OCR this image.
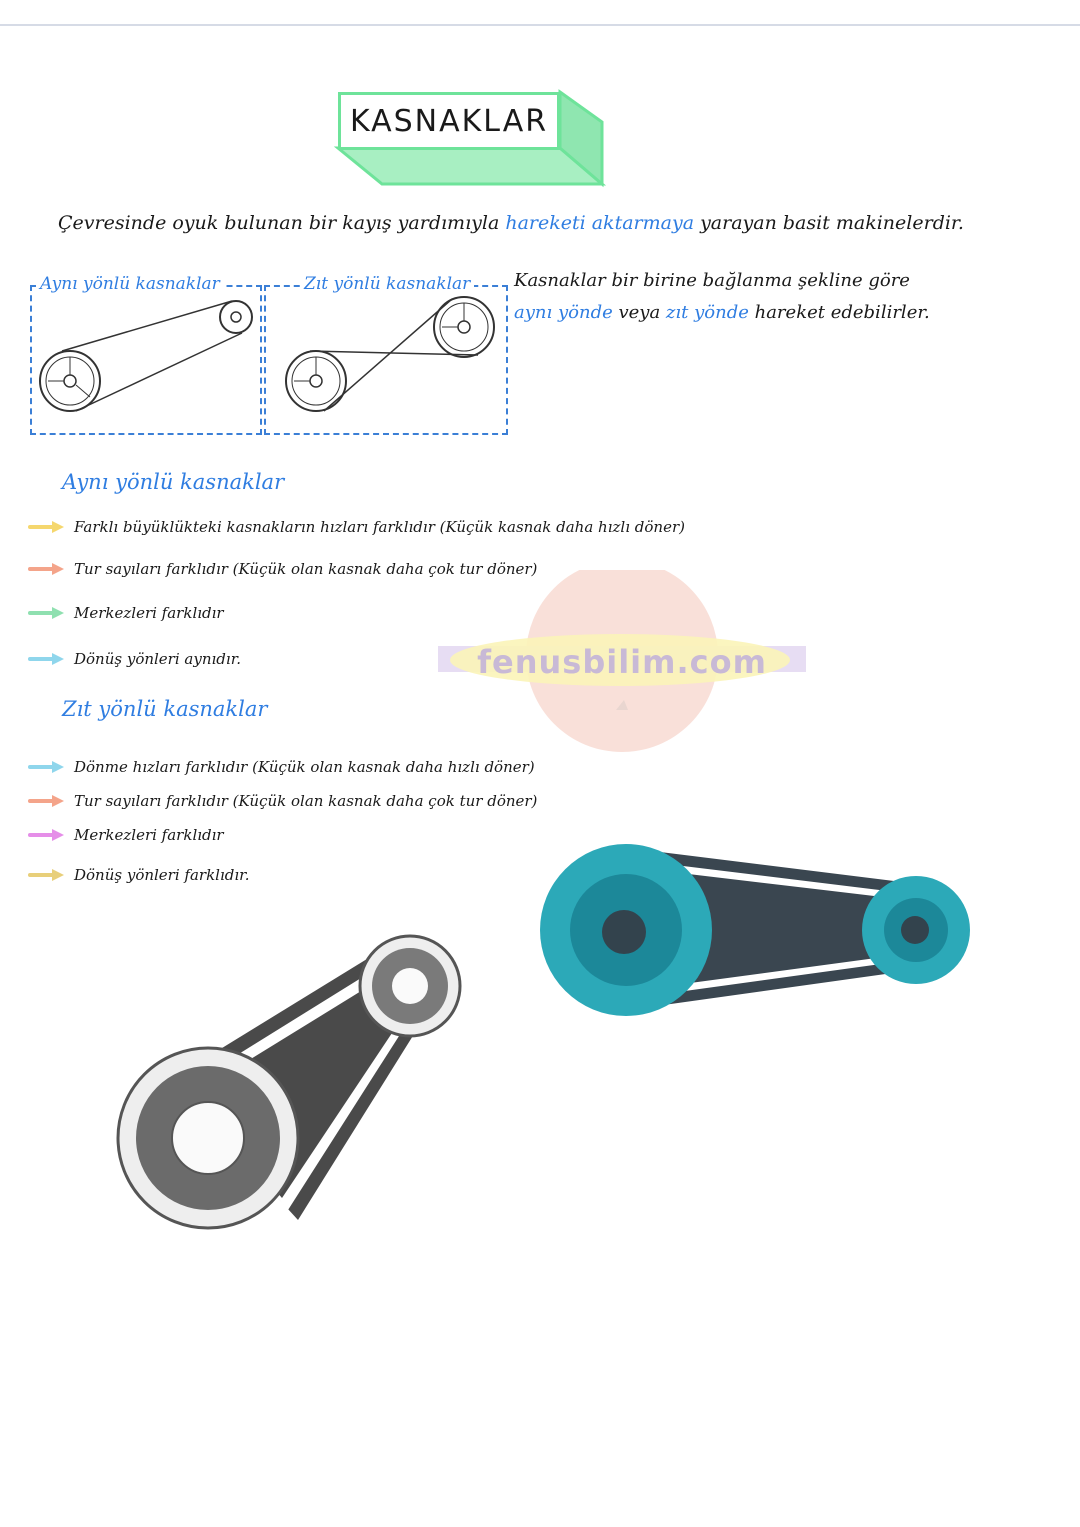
KASNAKLAR
Çevresinde oyuk bulunan bir kayış yardımıyla hareketi aktarmaya yarayan basit makinelerdir.
Aynı yönlü kasnaklar	Zıt yönlü kasnaklar Kasnaklar bir birine bağlanma şekline göre
aynı yönde veya zıt yönde hareket edebilirler.
Aynı yönlü kasnaklar
Farklı büyüklükteki kasnakların hızları farklıdır (Küçük kasnak daha hızlı döner)
Tur sayıları farklıdır (Küçük olan kasnak daha çok tur döner)
Merkezleri farklıdır
Dönüş yönleri aynıdır.	fenusbilim.com
Zıt yönlü kasnaklar
Dönme hızları farklıdır (Küçük olan kasnak daha hızlı döner)
Tur sayıları farklıdır (Küçük olan kasnak daha çok tur döner)
Merkezleri farklıdır
Dönüş yönleri farklıdır.
